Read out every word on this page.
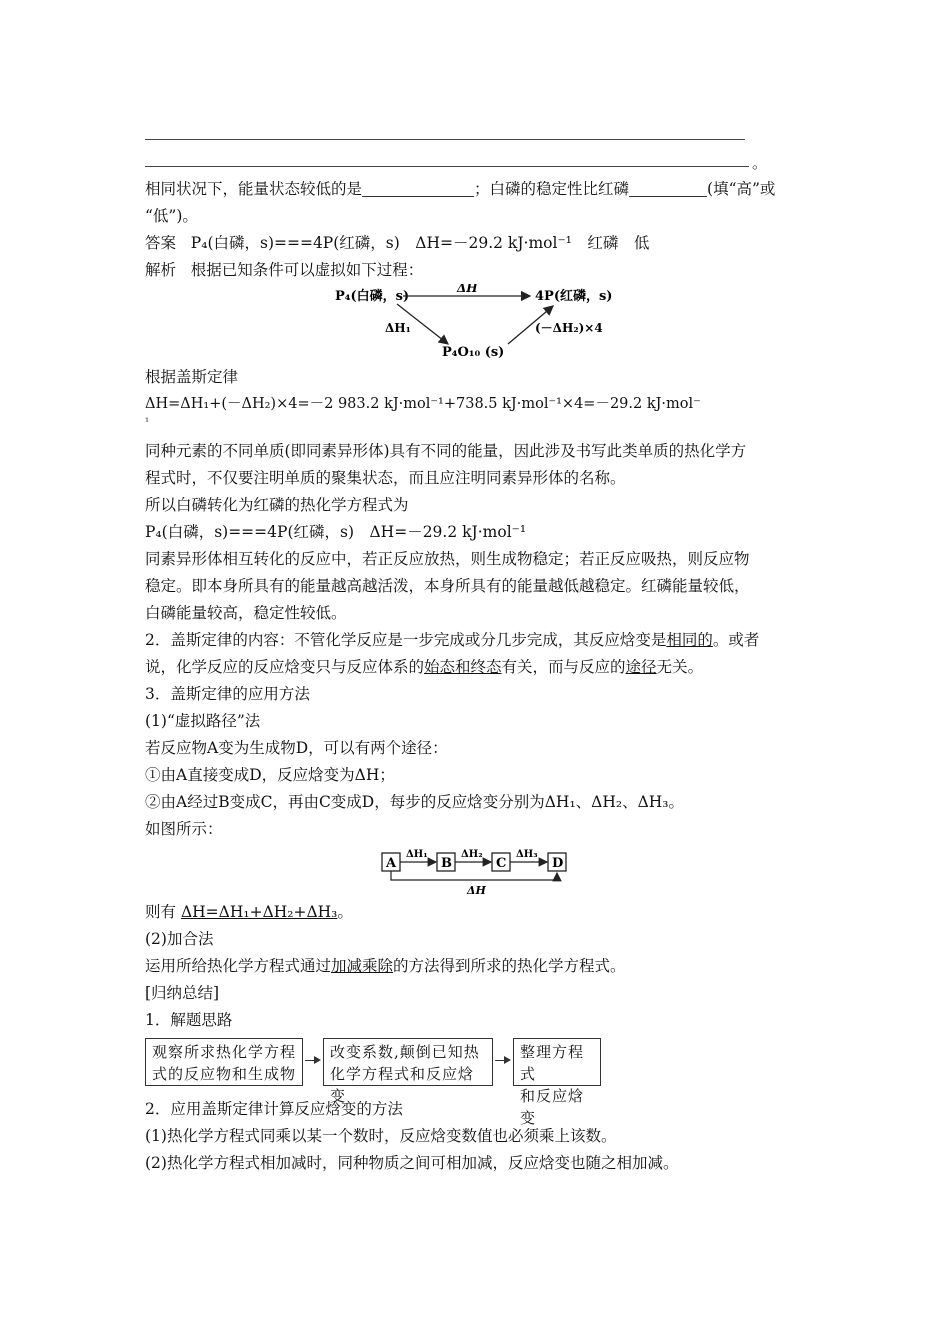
。
相同状况下，能量状态较低的是	；白磷的稳定性比红磷	(填“高”或
“低”)。
答案 P₄(白磷，s)===4P(红磷，s)　ΔH=－29.2 kJ·mol⁻¹　红磷　低
解析 根据已知条件可以虚拟如下过程：
P₄(白磷，s)	4P(红磷，s)
P₄O₁₀ (s)
ΔH
ΔH₁	(－ΔH₂)×4
根据盖斯定律
ΔH=ΔH₁+(－ΔH₂)×4=－2 983.2 kJ·mol⁻¹+738.5 kJ·mol⁻¹×4=－29.2 kJ·mol⁻
¹
同种元素的不同单质(即同素异形体)具有不同的能量，因此涉及书写此类单质的热化学方
程式时，不仅要注明单质的聚集状态，而且应注明同素异形体的名称。
所以白磷转化为红磷的热化学方程式为
P₄(白磷，s)===4P(红磷，s)　ΔH=－29.2 kJ·mol⁻¹
同素异形体相互转化的反应中，若正反应放热，则生成物稳定；若正反应吸热，则反应物
稳定。即本身所具有的能量越高越活泼，本身所具有的能量越低越稳定。红磷能量较低，
白磷能量较高，稳定性较低。
2．盖斯定律的内容：不管化学反应是一步完成或分几步完成，其反应焓变是相同的。或者
说，化学反应的反应焓变只与反应体系的始态和终态有关，而与反应的途径无关。
3．盖斯定律的应用方法
(1)“虚拟路径”法
若反应物A变为生成物D，可以有两个途径：
①由A直接变成D，反应焓变为ΔH；
②由A经过B变成C，再由C变成D，每步的反应焓变分别为ΔH₁、ΔH₂、ΔH₃。
如图所示：
A	B	C	D
ΔH₁	ΔH₂	ΔH₃
ΔH
则有 ΔH=ΔH₁+ΔH₂+ΔH₃。
(2)加合法
运用所给热化学方程式通过加减乘除的方法得到所求的热化学方程式。
[归纳总结]
1．解题思路
观察所求热化学方程
式的反应物和生成物
改变系数,颠倒已知热
化学方程式和反应焓变
整理方程式
和反应焓变
2．应用盖斯定律计算反应焓变的方法
(1)热化学方程式同乘以某一个数时，反应焓变数值也必须乘上该数。
(2)热化学方程式相加减时，同种物质之间可相加减，反应焓变也随之相加减。
